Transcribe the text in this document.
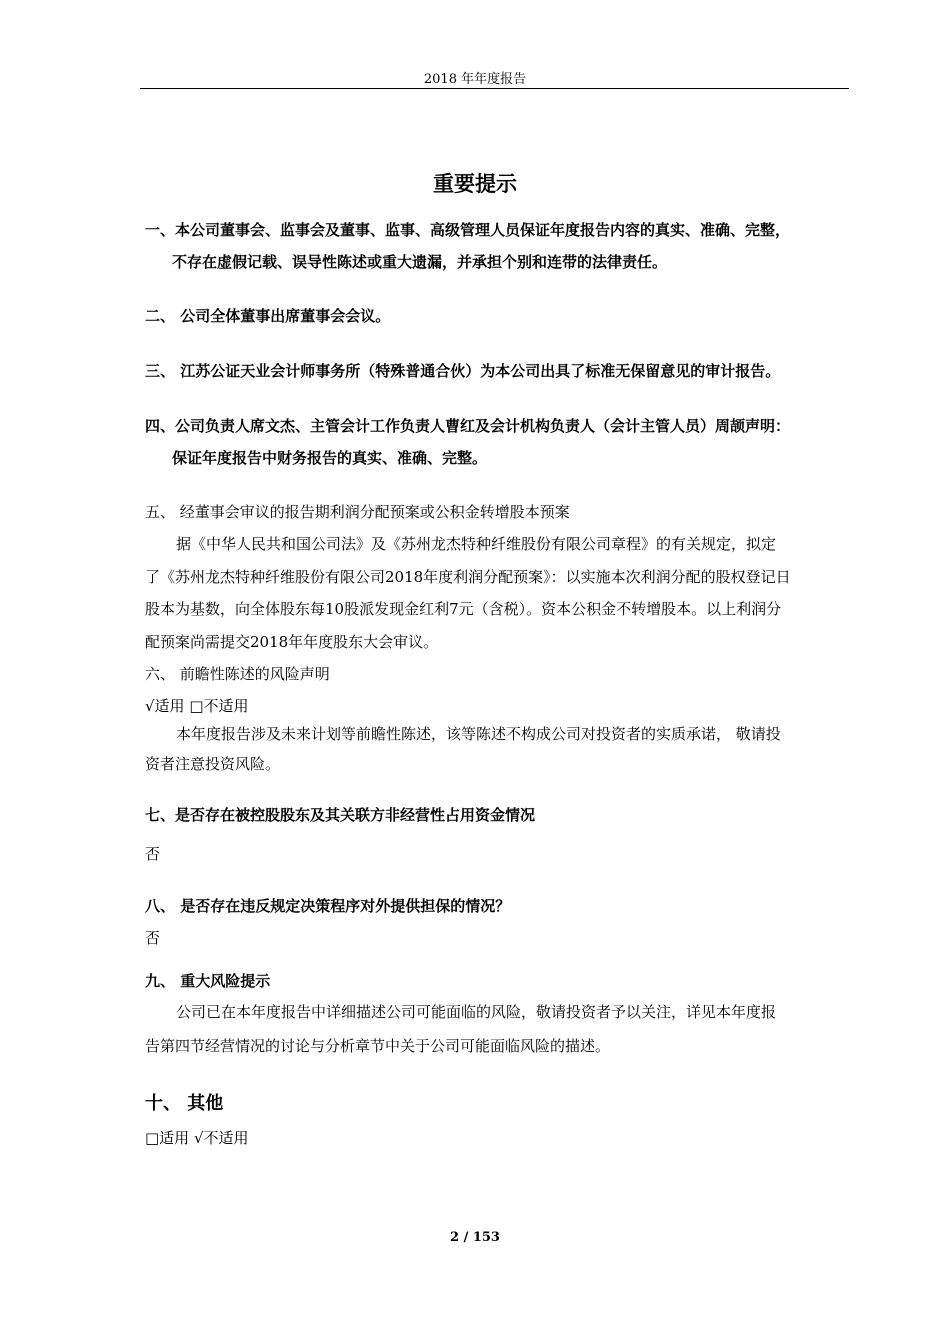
2018 年年度报告
重要提示
一、本公司董事会、监事会及董事、监事、高级管理人员保证年度报告内容的真实、准确、完整，
不存在虚假记载、误导性陈述或重大遗漏，并承担个别和连带的法律责任。
二、 公司全体董事出席董事会会议。
三、 江苏公证天业会计师事务所（特殊普通合伙）为本公司出具了标准无保留意见的审计报告。
四、公司负责人席文杰、主管会计工作负责人曹红及会计机构负责人（会计主管人员）周颉声明：
保证年度报告中财务报告的真实、准确、完整。
五、 经董事会审议的报告期利润分配预案或公积金转增股本预案
据《中华人民共和国公司法》及《苏州龙杰特种纤维股份有限公司章程》的有关规定，拟定
了《苏州龙杰特种纤维股份有限公司2018年度利润分配预案》：以实施本次利润分配的股权登记日
股本为基数，向全体股东每10股派发现金红利7元（含税）。资本公积金不转增股本。以上利润分
配预案尚需提交2018年年度股东大会审议。
六、 前瞻性陈述的风险声明
√适用 □不适用
本年度报告涉及未来计划等前瞻性陈述，该等陈述不构成公司对投资者的实质承诺， 敬请投
资者注意投资风险。
七、是否存在被控股股东及其关联方非经营性占用资金情况
否
八、 是否存在违反规定决策程序对外提供担保的情况？
否
九、 重大风险提示
公司已在本年度报告中详细描述公司可能面临的风险，敬请投资者予以关注，详见本年度报
告第四节经营情况的讨论与分析章节中关于公司可能面临风险的描述。
十、 其他
□适用 √不适用
2 / 153
